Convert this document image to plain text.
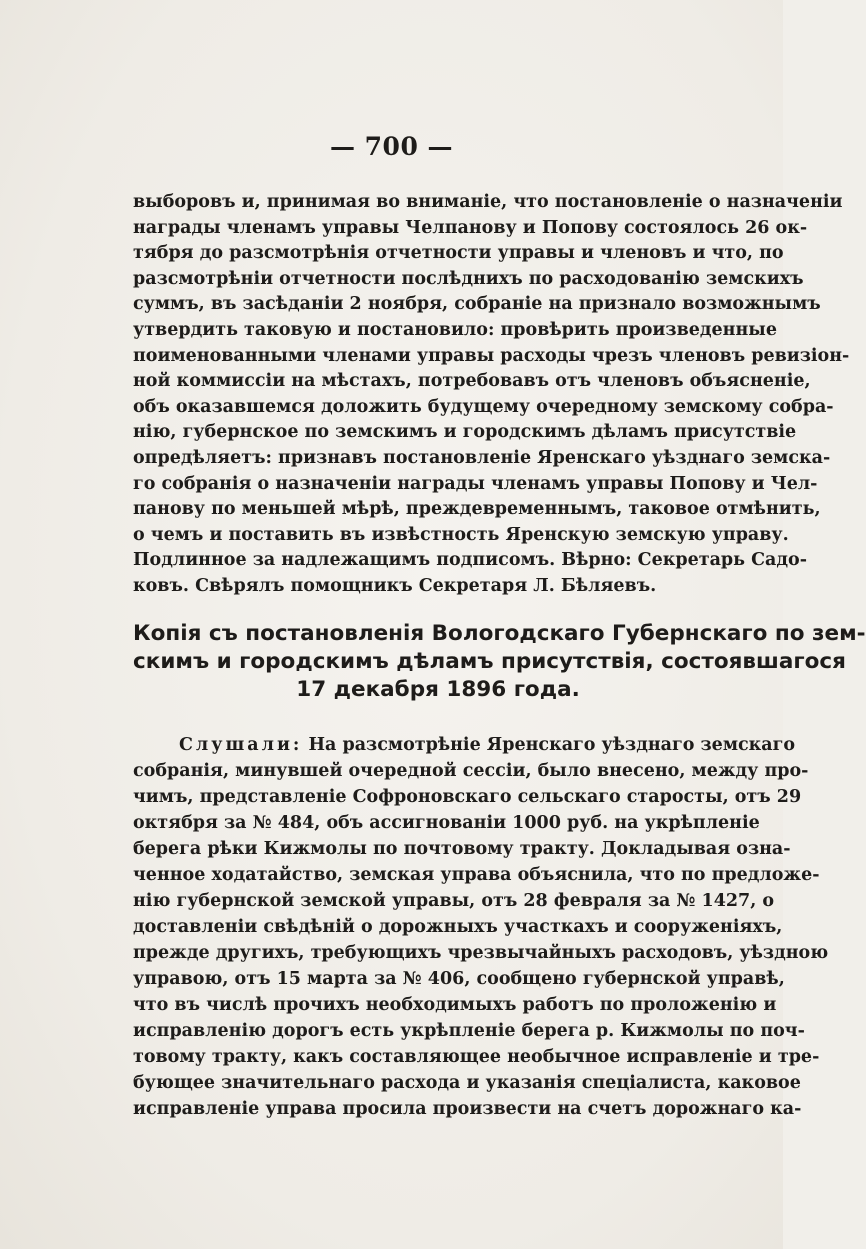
— 700 —
выборовъ и, принимая во вниманіе, что постановленіе о назначеніи
награды членамъ управы Челпанову и Попову состоялось 26 ок-
тября до разсмотрѣнія отчетности управы и членовъ и что, по
разсмотрѣніи отчетности послѣднихъ по расходованію земскихъ
суммъ, въ засѣданіи 2 ноября, собраніе на признало возможнымъ
утвердить таковую и постановило: провѣрить произведенные
поименованными членами управы расходы чрезъ членовъ ревизіон-
ной коммиссіи на мѣстахъ, потребовавъ отъ членовъ объясненіе,
объ оказавшемся доложить будущему очередному земскому собра-
нію, губернское по земскимъ и городскимъ дѣламъ присутствіе
опредѣляетъ: признавъ постановленіе Яренскаго уѣзднаго земска-
го собранія о назначеніи награды членамъ управы Попову и Чел-
панову по меньшей мѣрѣ, преждевременнымъ, таковое отмѣнить,
о чемъ и поставить въ извѣстность Яренскую земскую управу.
Подлинное за надлежащимъ подписомъ. Вѣрно: Секретарь Садо-
ковъ. Свѣрялъ помощникъ Секретаря Л. Бѣляевъ.
Копія съ постановленія Вологодскаго Губернскаго по зем-
скимъ и городскимъ дѣламъ присутствія, состоявшагося
17 декабря 1896 года.
Слушали: На разсмотрѣніе Яренскаго уѣзднаго земскаго
собранія, минувшей очередной сессіи, было внесено, между про-
чимъ, представленіе Софроновскаго сельскаго старосты, отъ 29
октября за № 484, объ ассигнованіи 1000 руб. на укрѣпленіе
берега рѣки Кижмолы по почтовому тракту. Докладывая озна-
ченное ходатайство, земская управа объяснила, что по предложе-
нію губернской земской управы, отъ 28 февраля за № 1427, о
доставленіи свѣдѣній о дорожныхъ участкахъ и сооруженіяхъ,
прежде другихъ, требующихъ чрезвычайныхъ расходовъ, уѣздною
управою, отъ 15 марта за № 406, сообщено губернской управѣ,
что въ числѣ прочихъ необходимыхъ работъ по проложенію и
исправленію дорогъ есть укрѣпленіе берега р. Кижмолы по поч-
товому тракту, какъ составляющее необычное исправленіе и тре-
бующее значительнаго расхода и указанія спеціалиста, каковое
исправленіе управа просила произвести на счетъ дорожнаго ка-
